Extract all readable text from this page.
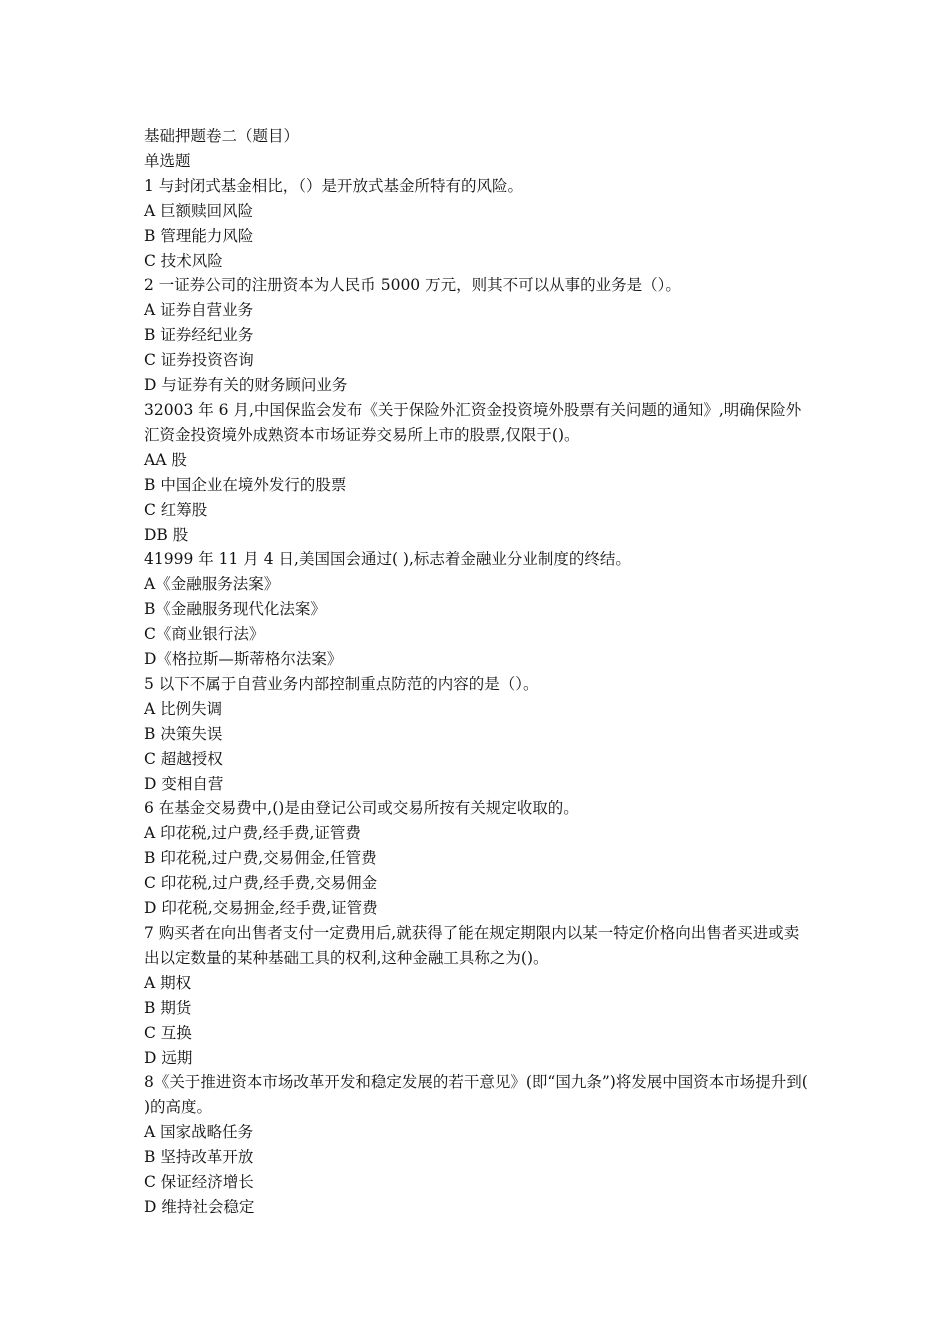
基础押题卷二（题目）

单选题

1 与封闭式基金相比，（）是开放式基金所特有的风险。

A 巨额赎回风险

B 管理能力风险

C 技术风险

2 一证券公司的注册资本为人民币 5000 万元，则其不可以从事的业务是（）。

A 证券自营业务

B 证券经纪业务

C 证券投资咨询

D 与证券有关的财务顾问业务

32003 年 6 月,中国保监会发布《关于保险外汇资金投资境外股票有关问题的通知》,明确保险外汇资金投资境外成熟资本市场证券交易所上市的股票,仅限于()。

AA 股

B 中国企业在境外发行的股票

C 红筹股

DB 股

41999 年 11 月 4 日,美国国会通过( ),标志着金融业分业制度的终结。

A《金融服务法案》

B《金融服务现代化法案》

C《商业银行法》

D《格拉斯—斯蒂格尔法案》

5 以下不属于自营业务内部控制重点防范的内容的是（）。

A 比例失调

B 决策失误

C 超越授权

D 变相自营

6 在基金交易费中,()是由登记公司或交易所按有关规定收取的。

A 印花税,过户费,经手费,证管费

B 印花税,过户费,交易佣金,任管费

C 印花税,过户费,经手费,交易佣金

D 印花税,交易拥金,经手费,证管费

7 购买者在向出售者支付一定费用后,就获得了能在规定期限内以某一特定价格向出售者买进或卖出以定数量的某种基础工具的权利,这种金融工具称之为()。

A 期权

B 期货

C 互换

D 远期

8《关于推进资本市场改革开发和稳定发展的若干意见》(即“国九条”)将发展中国资本市场提升到( )的高度。

A 国家战略任务

B 坚持改革开放

C 保证经济增长

D 维持社会稳定
